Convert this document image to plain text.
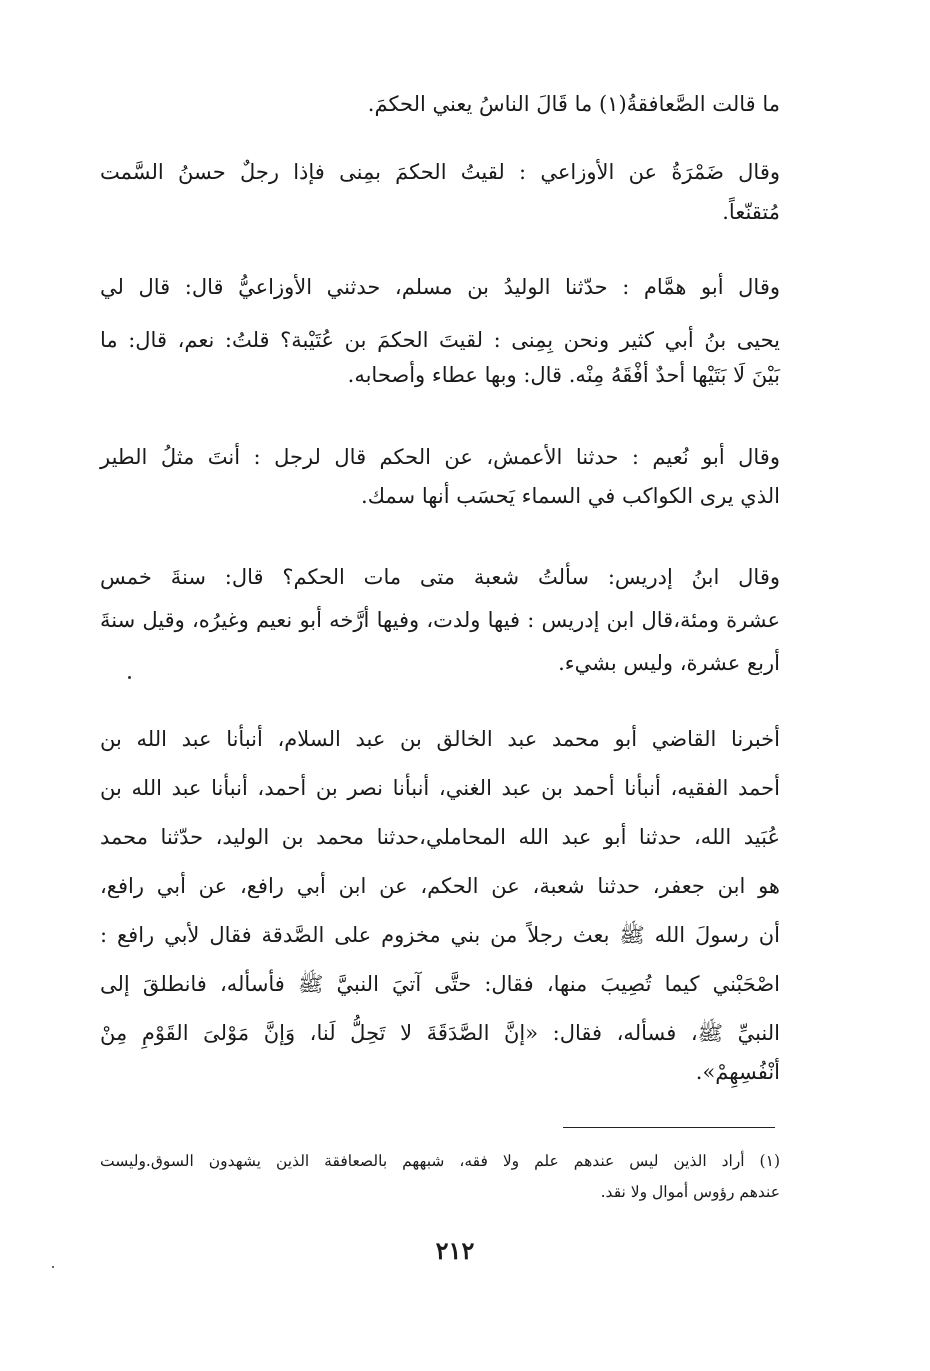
ما قالت الصَّعافقةُ(١) ما قَالَ الناسُ يعني الحكمَ.
وقال ضَمْرَةُ عن الأوزاعي : لقيتُ الحكمَ بمِنى فإذا رجلٌ حسنُ السَّمت
مُتقنّعاً.
وقال أبو همَّام : حدّثنا الوليدُ بن مسلم، حدثني الأوزاعيُّ قال: قال لي
يحيى بنُ أبي كثير ونحن بِمِنى : لقيتَ الحكمَ بن عُتَيْبة؟ قلتُ: نعم، قال: ما
بَيْنَ لَا بَتَيْها أحدٌ أفْقَهُ مِنْه. قال: وبها عطاء وأصحابه.
وقال أبو نُعيم : حدثنا الأعمش، عن الحكم قال لرجل : أنتَ مثلُ الطير
الذي يرى الكواكب في السماء يَحسَب أنها سمك.
وقال ابنُ إدريس: سألتُ شعبة متى مات الحكم؟ قال: سنةَ خمس
عشرة ومئة،قال ابن إدريس : فيها ولدت، وفيها أرَّخه أبو نعيم وغيرُه، وقيل سنةَ
أربع عشرة، وليس بشيء.
أخبرنا القاضي أبو محمد عبد الخالق بن عبد السلام، أنبأنا عبد الله بن
أحمد الفقيه، أنبأنا أحمد بن عبد الغني، أنبأنا نصر بن أحمد، أنبأنا عبد الله بن
عُبَيد الله، حدثنا أبو عبد الله المحاملي،حدثنا محمد بن الوليد، حدّثنا محمد
هو ابن جعفر، حدثنا شعبة، عن الحكم، عن ابن أبي رافع، عن أبي رافع،
أن رسولَ الله ﷺ بعث رجلاً من بني مخزوم على الصَّدقة فقال لأبي رافع :
اصْحَبْني كيما تُصِيبَ منها، فقال: حتَّى آتيَ النبيَّ ﷺ فأسأله، فانطلقَ إلى
النبيِّ ﷺ، فسأله، فقال: «إنَّ الصَّدَقَةَ لا تَحِلُّ لَنا، وَإنَّ مَوْلىَ القَوْمِ مِنْ
أنْفُسِهِمْ».
(١) أراد الذين ليس عندهم علم ولا فقه، شبههم بالصعافقة الذين يشهدون السوق.وليست
عندهم رؤوس أموال ولا نقد.
٢١٢
